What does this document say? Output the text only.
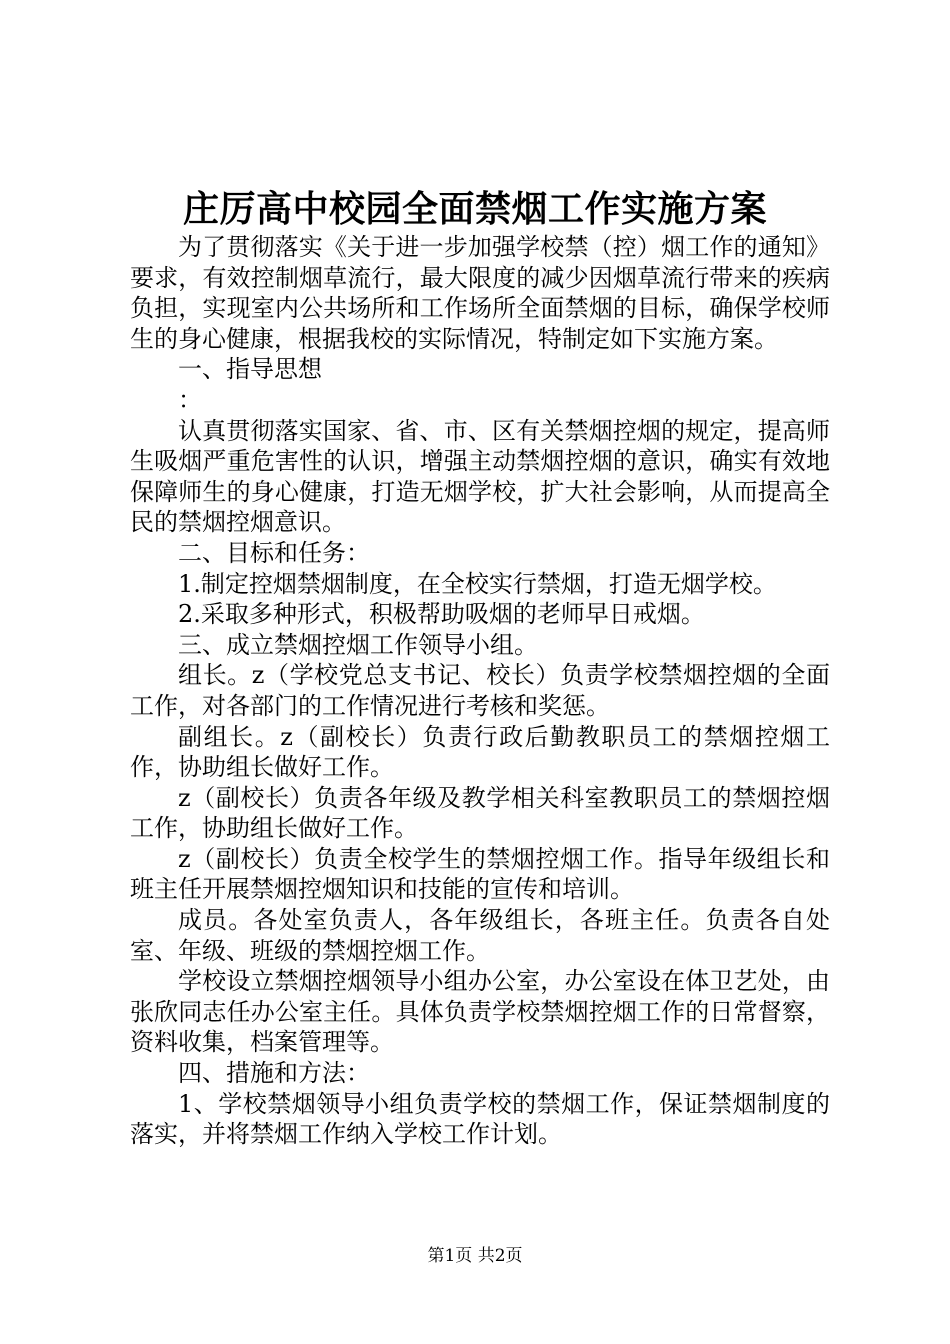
庄厉高中校园全面禁烟工作实施方案

为了贯彻落实《关于进一步加强学校禁（控）烟工作的通知》要求，有效控制烟草流行，最大限度的减少因烟草流行带来的疾病负担，实现室内公共场所和工作场所全面禁烟的目标，确保学校师生的身心健康，根据我校的实际情况，特制定如下实施方案。

一、指导思想

：

认真贯彻落实国家、省、市、区有关禁烟控烟的规定，提高师生吸烟严重危害性的认识，增强主动禁烟控烟的意识，确实有效地保障师生的身心健康，打造无烟学校，扩大社会影响，从而提高全民的禁烟控烟意识。

二、目标和任务：

1.制定控烟禁烟制度，在全校实行禁烟，打造无烟学校。

2.采取多种形式，积极帮助吸烟的老师早日戒烟。

三、成立禁烟控烟工作领导小组。

组长。z（学校党总支书记、校长）负责学校禁烟控烟的全面工作，对各部门的工作情况进行考核和奖惩。

副组长。z（副校长）负责行政后勤教职员工的禁烟控烟工作，协助组长做好工作。

z（副校长）负责各年级及教学相关科室教职员工的禁烟控烟工作，协助组长做好工作。

z（副校长）负责全校学生的禁烟控烟工作。指导年级组长和班主任开展禁烟控烟知识和技能的宣传和培训。

成员。各处室负责人，各年级组长，各班主任。负责各自处室、年级、班级的禁烟控烟工作。

学校设立禁烟控烟领导小组办公室，办公室设在体卫艺处，由张欣同志任办公室主任。具体负责学校禁烟控烟工作的日常督察，资料收集，档案管理等。

四、措施和方法：

1、学校禁烟领导小组负责学校的禁烟工作，保证禁烟制度的落实，并将禁烟工作纳入学校工作计划。

第1页 共2页
